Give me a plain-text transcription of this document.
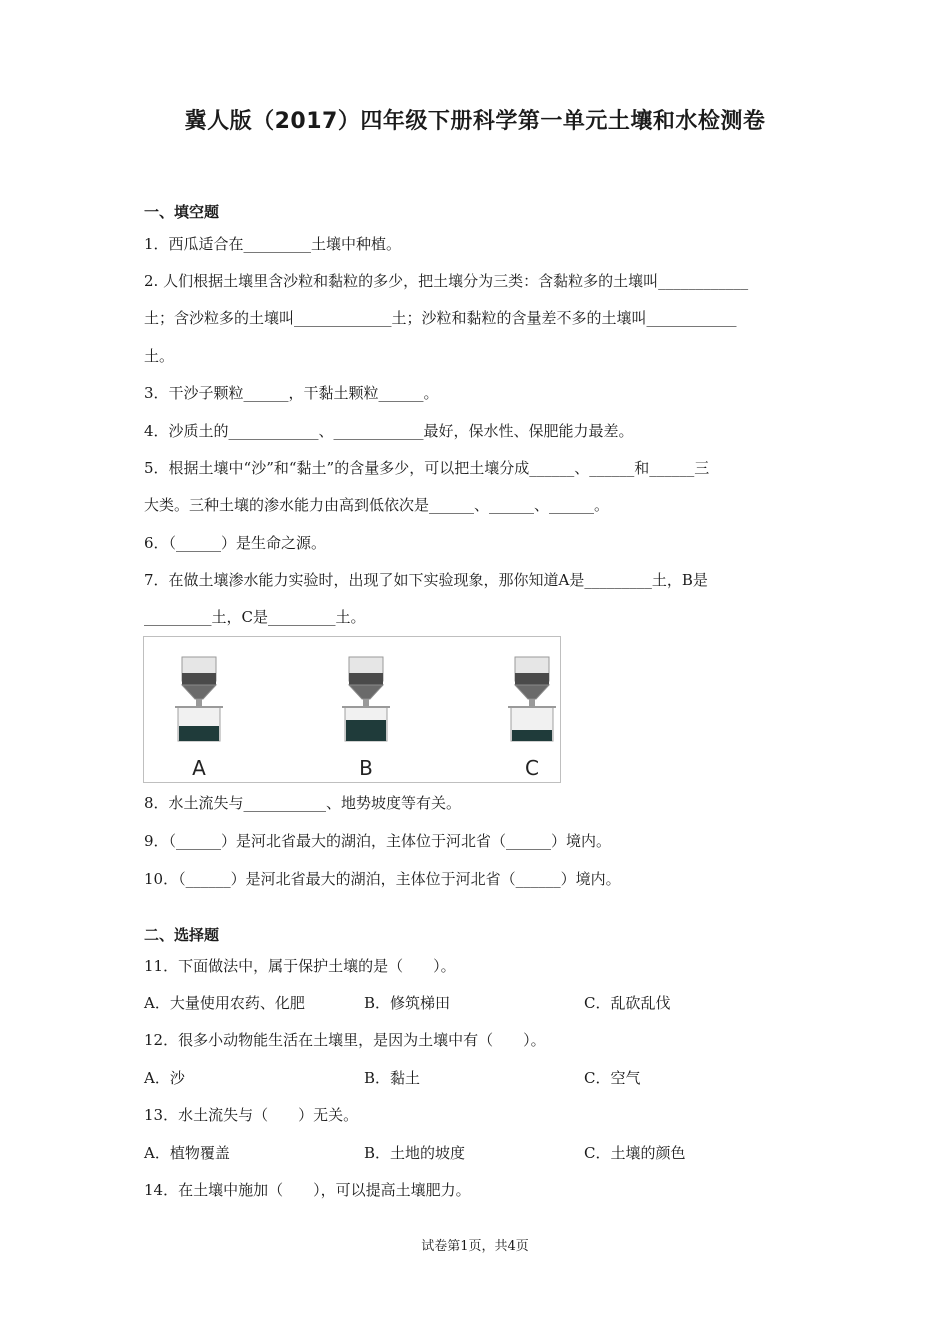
冀人版（2017）四年级下册科学第一单元土壤和水检测卷
一、填空题
1．西瓜适合在_________土壤中种植。
2. 人们根据土壤里含沙粒和黏粒的多少，把土壤分为三类：含黏粒多的土壤叫____________
土；含沙粒多的土壤叫_____________土；沙粒和黏粒的含量差不多的土壤叫____________
土。
3．干沙子颗粒______，干黏土颗粒______。
4．沙质土的____________、____________最好，保水性、保肥能力最差。
5．根据土壤中“沙”和“黏土”的含量多少，可以把土壤分成______、______和______三
大类。三种土壤的渗水能力由高到低依次是______、______、______。
6．（______）是生命之源。
7．在做土壤渗水能力实验时，出现了如下实验现象，那你知道A是_________土，B是
_________土，C是_________土。
A	B	C
8．水土流失与___________、地势坡度等有关。
9．（______）是河北省最大的湖泊，主体位于河北省（______）境内。
10．（______）是河北省最大的湖泊，主体位于河北省（______）境内。
二、选择题
11．下面做法中，属于保护土壤的是（　　）。
A．大量使用农药、化肥	B．修筑梯田	C．乱砍乱伐
12．很多小动物能生活在土壤里，是因为土壤中有（　　）。
A．沙	B．黏土	C．空气
13．水土流失与（　　）无关。
A．植物覆盖	B．土地的坡度	C．土壤的颜色
14．在土壤中施加（　　），可以提高土壤肥力。
试卷第1页，共4页
